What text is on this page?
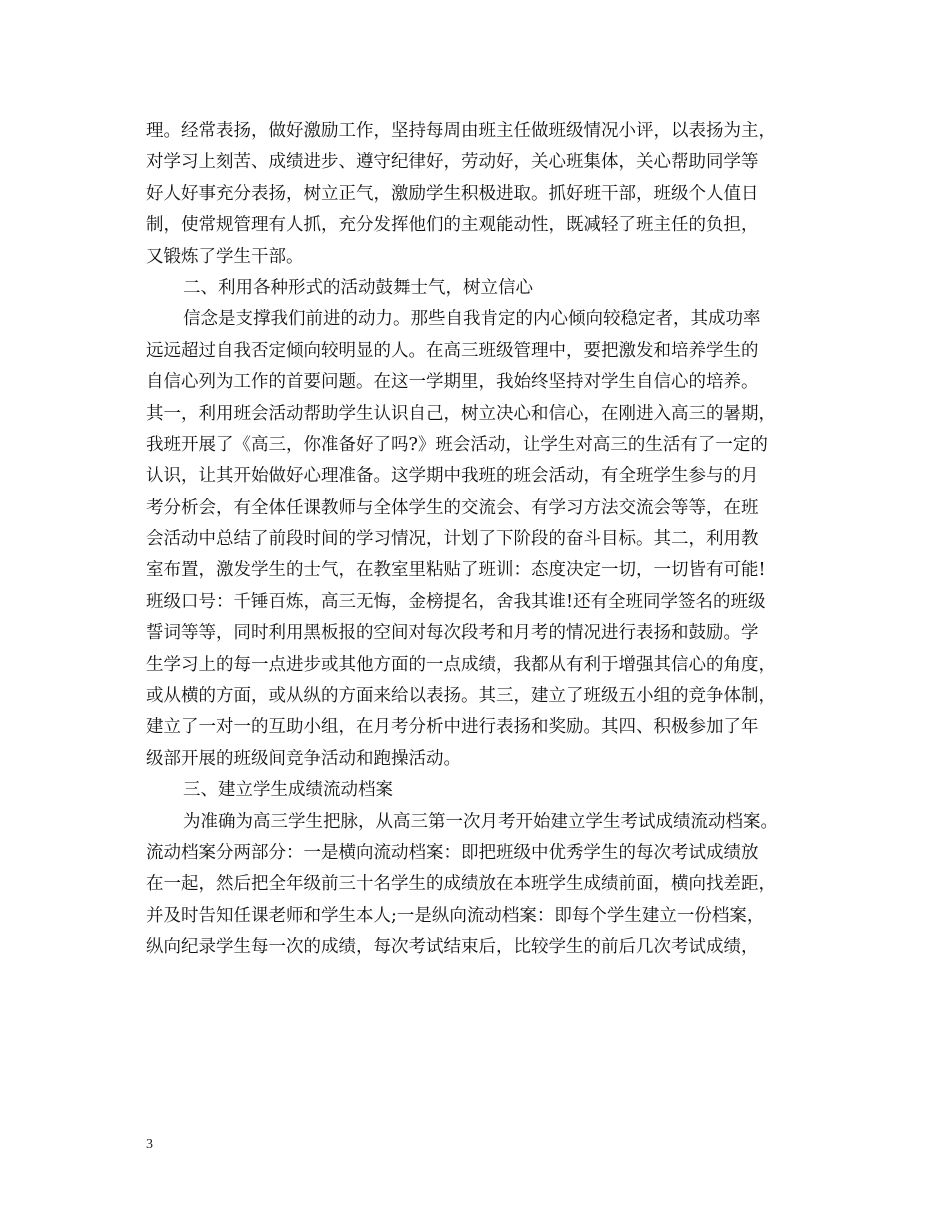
理。经常表扬，做好激励工作，坚持每周由班主任做班级情况小评，以表扬为主，
对学习上刻苦、成绩进步、遵守纪律好，劳动好，关心班集体，关心帮助同学等
好人好事充分表扬，树立正气，激励学生积极进取。抓好班干部，班级个人值日
制，使常规管理有人抓，充分发挥他们的主观能动性，既减轻了班主任的负担，
又锻炼了学生干部。
二、利用各种形式的活动鼓舞士气，树立信心
信念是支撑我们前进的动力。那些自我肯定的内心倾向较稳定者，其成功率
远远超过自我否定倾向较明显的人。在高三班级管理中，要把激发和培养学生的
自信心列为工作的首要问题。在这一学期里，我始终坚持对学生自信心的培养。
其一，利用班会活动帮助学生认识自己，树立决心和信心，在刚进入高三的暑期，
我班开展了《高三，你准备好了吗?》班会活动，让学生对高三的生活有了一定的
认识，让其开始做好心理准备。这学期中我班的班会活动，有全班学生参与的月
考分析会，有全体任课教师与全体学生的交流会、有学习方法交流会等等，在班
会活动中总结了前段时间的学习情况，计划了下阶段的奋斗目标。其二，利用教
室布置，激发学生的士气，在教室里粘贴了班训：态度决定一切，一切皆有可能!
班级口号：千锤百炼，高三无悔，金榜提名，舍我其谁!还有全班同学签名的班级
誓词等等，同时利用黑板报的空间对每次段考和月考的情况进行表扬和鼓励。学
生学习上的每一点进步或其他方面的一点成绩，我都从有利于增强其信心的角度，
或从横的方面，或从纵的方面来给以表扬。其三，建立了班级五小组的竞争体制，
建立了一对一的互助小组，在月考分析中进行表扬和奖励。其四、积极参加了年
级部开展的班级间竞争活动和跑操活动。
三、建立学生成绩流动档案
为准确为高三学生把脉，从高三第一次月考开始建立学生考试成绩流动档案。
流动档案分两部分：一是横向流动档案：即把班级中优秀学生的每次考试成绩放
在一起，然后把全年级前三十名学生的成绩放在本班学生成绩前面，横向找差距，
并及时告知任课老师和学生本人;一是纵向流动档案：即每个学生建立一份档案，
纵向纪录学生每一次的成绩，每次考试结束后，比较学生的前后几次考试成绩，
3
